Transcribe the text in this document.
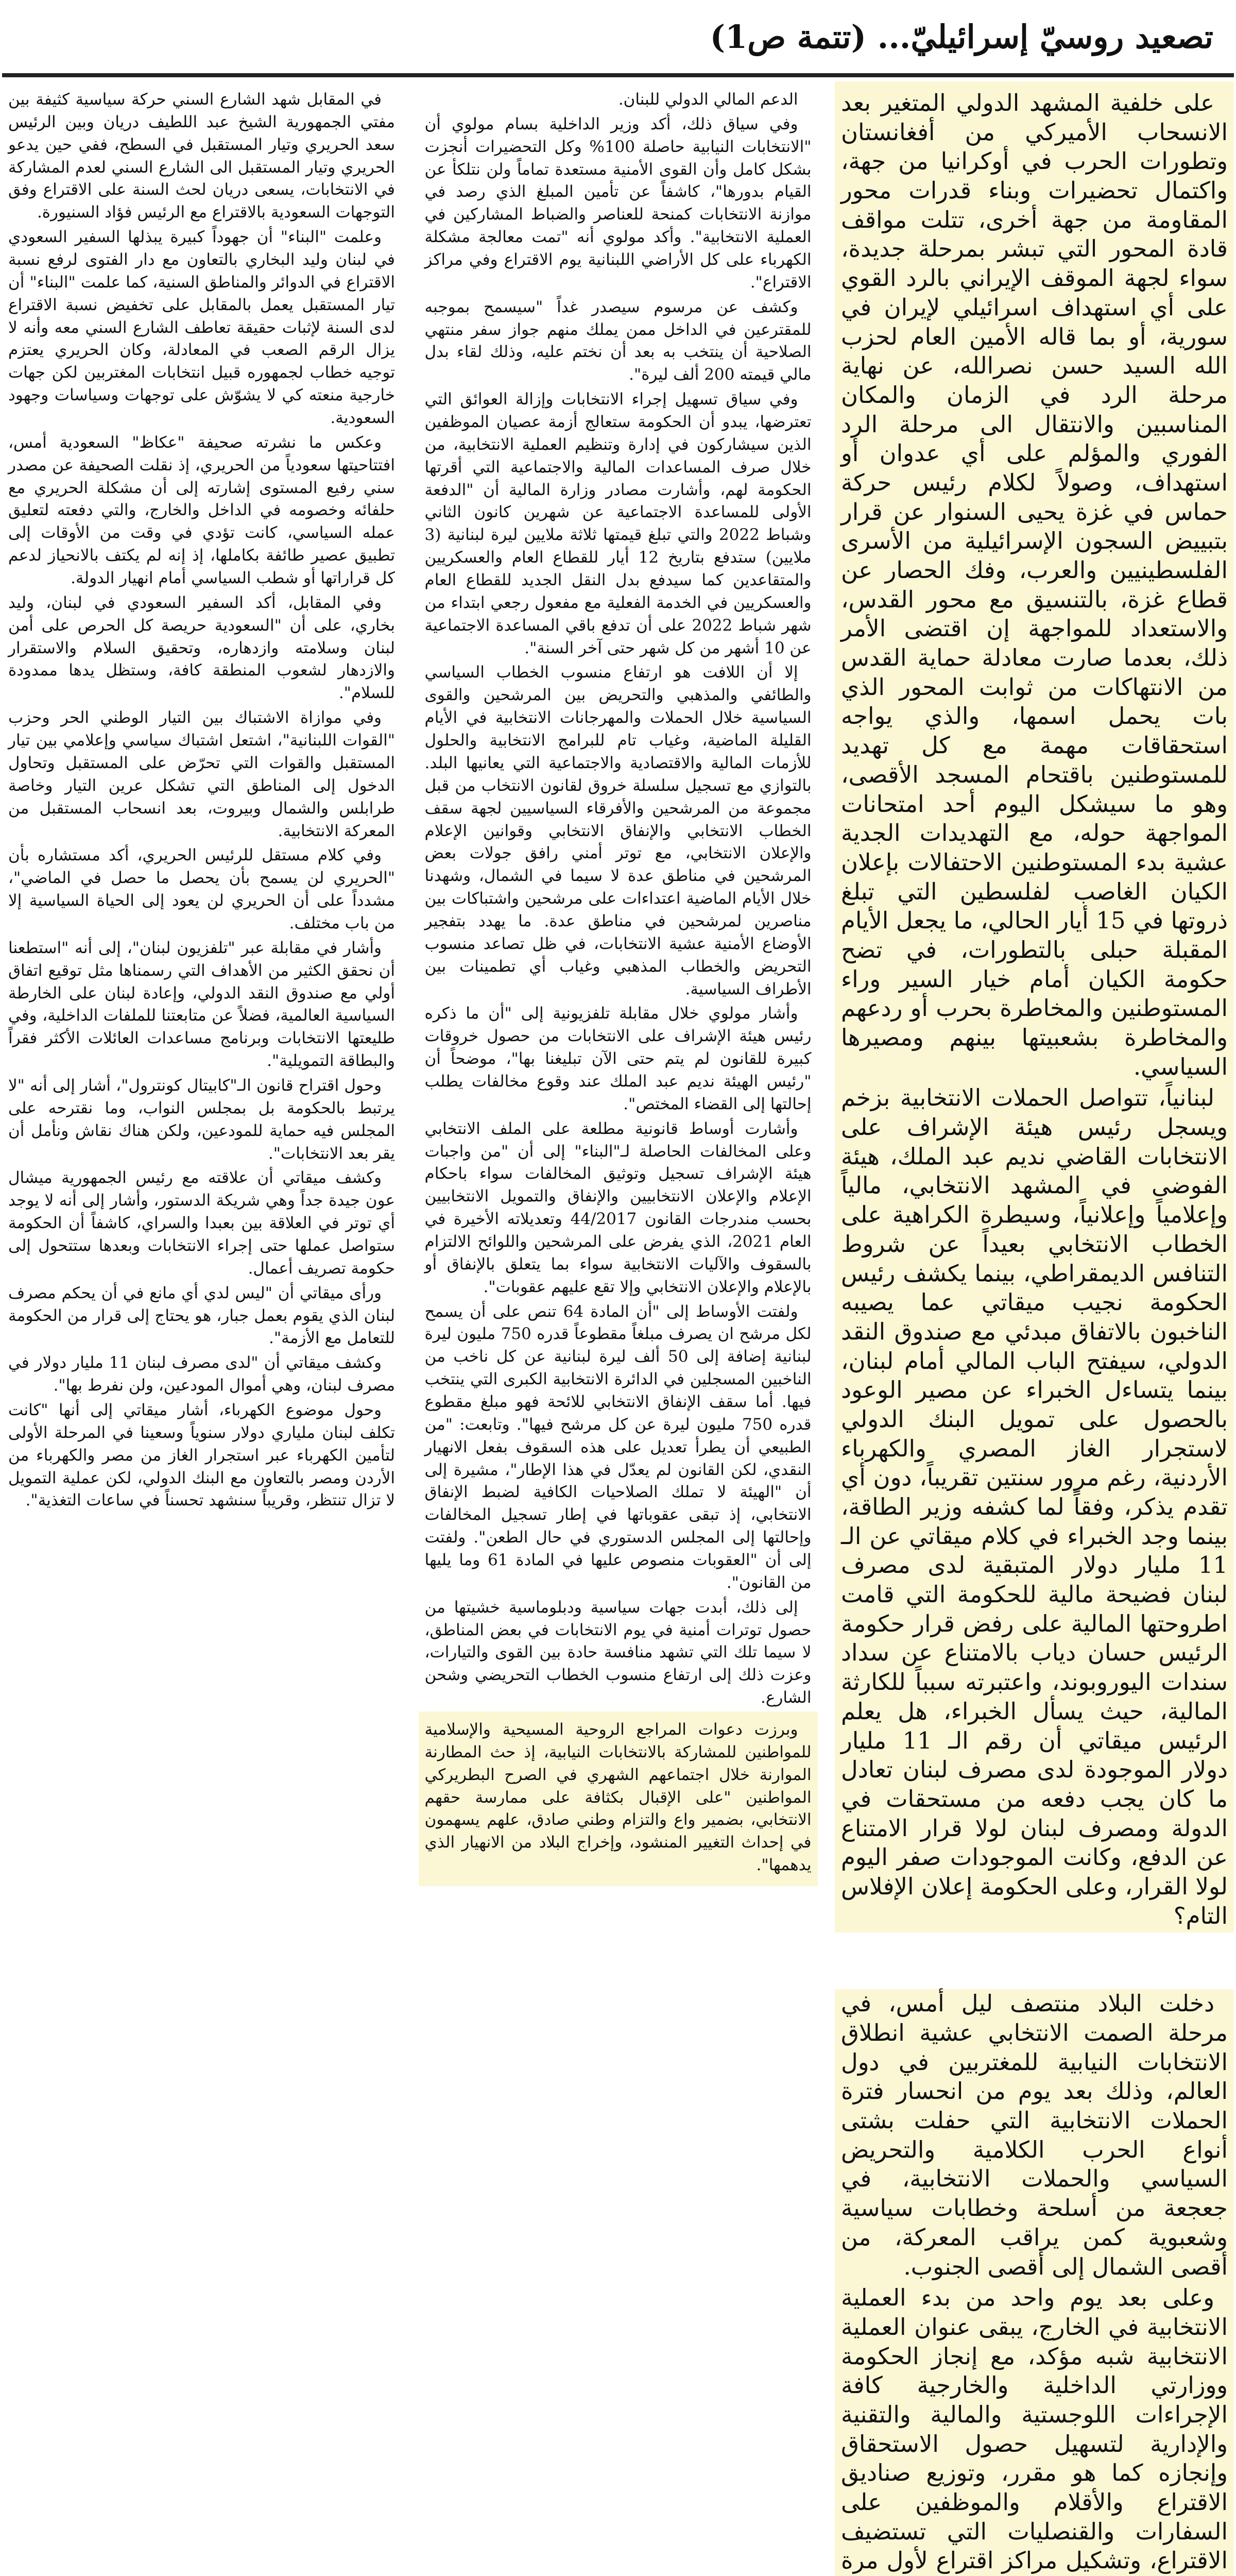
تصعيد روسيّ إسرائيليّ... (تتمة ص1)

على خلفية المشهد الدولي المتغير بعد الانسحاب الأميركي من أفغانستان وتطورات الحرب في أوكرانيا من جهة، واكتمال تحضيرات وبناء قدرات محور المقاومة من جهة أخرى، تتلت مواقف قادة المحور التي تبشر بمرحلة جديدة، سواء لجهة الموقف الإيراني بالرد القوي على أي استهداف اسرائيلي لإيران في سورية، أو بما قاله الأمين العام لحزب الله السيد حسن نصرالله، عن نهاية مرحلة الرد في الزمان والمكان المناسبين والانتقال الى مرحلة الرد الفوري والمؤلم على أي عدوان أو استهداف، وصولاً لكلام رئيس حركة حماس في غزة يحيى السنوار عن قرار بتبييض السجون الإسرائيلية من الأسرى الفلسطينيين والعرب، وفك الحصار عن قطاع غزة، بالتنسيق مع محور القدس، والاستعداد للمواجهة إن اقتضى الأمر ذلك، بعدما صارت معادلة حماية القدس من الانتهاكات من ثوابت المحور الذي بات يحمل اسمها، والذي يواجه استحقاقات مهمة مع كل تهديد للمستوطنين باقتحام المسجد الأقصى، وهو ما سيشكل اليوم أحد امتحانات المواجهة حوله، مع التهديدات الجدية عشية بدء المستوطنين الاحتفالات بإعلان الكيان الغاصب لفلسطين التي تبلغ ذروتها في 15 أيار الحالي، ما يجعل الأيام المقبلة حبلى بالتطورات، في تضح حكومة الكيان أمام خيار السير وراء المستوطنين والمخاطرة بحرب أو ردعهم والمخاطرة بشعبيتها بينهم ومصيرها السياسي.

لبنانياً، تتواصل الحملات الانتخابية بزخم ويسجل رئيس هيئة الإشراف على الانتخابات القاضي نديم عبد الملك، هيئة الفوضى في المشهد الانتخابي، مالياً وإعلامياً وإعلانياً، وسيطرة الكراهية على الخطاب الانتخابي بعيداً عن شروط التنافس الديمقراطي، بينما يكشف رئيس الحكومة نجيب ميقاتي عما يصيبه الناخبون بالاتفاق مبدئي مع صندوق النقد الدولي، سيفتح الباب المالي أمام لبنان، بينما يتساءل الخبراء عن مصير الوعود بالحصول على تمويل البنك الدولي لاستجرار الغاز المصري والكهرباء الأردنية، رغم مرور سنتين تقريباً، دون أي تقدم يذكر، وفقاً لما كشفه وزير الطاقة، بينما وجد الخبراء في كلام ميقاتي عن الـ 11 مليار دولار المتبقية لدى مصرف لبنان فضيحة مالية للحكومة التي قامت اطروحتها المالية على رفض قرار حكومة الرئيس حسان دياب بالامتناع عن سداد سندات اليوروبوند، واعتبرته سبباً للكارثة المالية، حيث يسأل الخبراء، هل يعلم الرئيس ميقاتي أن رقم الـ 11 مليار دولار الموجودة لدى مصرف لبنان تعادل ما كان يجب دفعه من مستحقات في الدولة ومصرف لبنان لولا قرار الامتناع عن الدفع، وكانت الموجودات صفر اليوم لولا القرار، وعلى الحكومة إعلان الإفلاس التام؟

دخلت البلاد منتصف ليل أمس، في مرحلة الصمت الانتخابي عشية انطلاق الانتخابات النيابية للمغتربين في دول العالم، وذلك بعد يوم من انحسار فترة الحملات الانتخابية التي حفلت بشتى أنواع الحرب الكلامية والتحريض السياسي والحملات الانتخابية، في جعجعة من أسلحة وخطابات سياسية وشعبوية كمن يراقب المعركة، من أقصى الشمال إلى أقصى الجنوب.

وعلى بعد يوم واحد من بدء العملية الانتخابية في الخارج، يبقى عنوان العملية الانتخابية شبه مؤكد، مع إنجاز الحكومة ووزارتي الداخلية والخارجية كافة الإجراءات اللوجستية والمالية والتقنية والإدارية لتسهيل حصول الاستحقاق وإنجازه كما هو مقرر، وتوزيع صناديق الاقتراع والأقلام والموظفين على السفارات والقنصليات التي تستضيف الاقتراع، وتشكيل مراكز اقتراع لأول مرة

الدعم المالي الدولي للبنان.

وفي سياق ذلك، أكد وزير الداخلية بسام مولوي أن "الانتخابات النيابية حاصلة 100% وكل التحضيرات أنجزت بشكل كامل وأن القوى الأمنية مستعدة تماماً ولن نتلكأ عن القيام بدورها"، كاشفاً عن تأمين المبلغ الذي رصد في موازنة الانتخابات كمنحة للعناصر والضباط المشاركين في العملية الانتخابية". وأكد مولوي أنه "تمت معالجة مشكلة الكهرباء على كل الأراضي اللبنانية يوم الاقتراع وفي مراكز الاقتراع".

وكشف عن مرسوم سيصدر غداً "سيسمح بموجبه للمقترعين في الداخل ممن يملك منهم جواز سفر منتهي الصلاحية أن ينتخب به بعد أن نختم عليه، وذلك لقاء بدل مالي قيمته 200 ألف ليرة".

وفي سياق تسهيل إجراء الانتخابات وإزالة العوائق التي تعترضها، يبدو أن الحكومة ستعالج أزمة عصيان الموظفين الذين سيشاركون في إدارة وتنظيم العملية الانتخابية، من خلال صرف المساعدات المالية والاجتماعية التي أقرتها الحكومة لهم، وأشارت مصادر وزارة المالية أن "الدفعة الأولى للمساعدة الاجتماعية عن شهرين كانون الثاني وشباط 2022 والتي تبلغ قيمتها ثلاثة ملايين ليرة لبنانية (3 ملايين) ستدفع بتاريخ 12 أيار للقطاع العام والعسكريين والمتقاعدين كما سيدفع بدل النقل الجديد للقطاع العام والعسكريين في الخدمة الفعلية مع مفعول رجعي ابتداء من شهر شباط 2022 على أن تدفع باقي المساعدة الاجتماعية عن 10 أشهر من كل شهر حتى آخر السنة".

إلا أن اللافت هو ارتفاع منسوب الخطاب السياسي والطائفي والمذهبي والتحريض بين المرشحين والقوى السياسية خلال الحملات والمهرجانات الانتخابية في الأيام القليلة الماضية، وغياب تام للبرامج الانتخابية والحلول للأزمات المالية والاقتصادية والاجتماعية التي يعانيها البلد. بالتوازي مع تسجيل سلسلة خروق لقانون الانتخاب من قبل مجموعة من المرشحين والأفرقاء السياسيين لجهة سقف الخطاب الانتخابي والإنفاق الانتخابي وقوانين الإعلام والإعلان الانتخابي، مع توتر أمني رافق جولات بعض المرشحين في مناطق عدة لا سيما في الشمال، وشهدنا خلال الأيام الماضية اعتداءات على مرشحين واشتباكات بين مناصرين لمرشحين في مناطق عدة. ما يهدد بتفجير الأوضاع الأمنية عشية الانتخابات، في ظل تصاعد منسوب التحريض والخطاب المذهبي وغياب أي تطمينات بين الأطراف السياسية.

وأشار مولوي خلال مقابلة تلفزيونية إلى "أن ما ذكره رئيس هيئة الإشراف على الانتخابات من حصول خروقات كبيرة للقانون لم يتم حتى الآن تبليغنا بها"، موضحاً أن "رئيس الهيئة نديم عبد الملك عند وقوع مخالفات يطلب إحالتها إلى القضاء المختص".

وأشارت أوساط قانونية مطلعة على الملف الانتخابي وعلى المخالفات الحاصلة لـ"البناء" إلى أن "من واجبات هيئة الإشراف تسجيل وتوثيق المخالفات سواء باحكام الإعلام والإعلان الانتخابيين والإنفاق والتمويل الانتخابيين بحسب مندرجات القانون 44/2017 وتعديلاته الأخيرة في العام 2021، الذي يفرض على المرشحين واللوائح الالتزام بالسقوف والآليات الانتخابية سواء بما يتعلق بالإنفاق أو بالإعلام والإعلان الانتخابي وإلا تقع عليهم عقوبات".

ولفتت الأوساط إلى "أن المادة 64 تنص على أن يسمح لكل مرشح ان يصرف مبلغاً مقطوعاً قدره 750 مليون ليرة لبنانية إضافة إلى 50 ألف ليرة لبنانية عن كل ناخب من الناخبين المسجلين في الدائرة الانتخابية الكبرى التي ينتخب فيها. أما سقف الإنفاق الانتخابي للائحة فهو مبلغ مقطوع قدره 750 مليون ليرة عن كل مرشح فيها". وتابعت: "من الطبيعي أن يطرأ تعديل على هذه السقوف بفعل الانهيار النقدي، لكن القانون لم يعدّل في هذا الإطار"، مشيرة إلى أن "الهيئة لا تملك الصلاحيات الكافية لضبط الإنفاق الانتخابي، إذ تبقى عقوباتها في إطار تسجيل المخالفات وإحالتها إلى المجلس الدستوري في حال الطعن". ولفتت إلى أن "العقوبات منصوص عليها في المادة 61 وما يليها من القانون".

إلى ذلك، أبدت جهات سياسية ودبلوماسية خشيتها من حصول توترات أمنية في يوم الانتخابات في بعض المناطق، لا سيما تلك التي تشهد منافسة حادة بين القوى والتيارات، وعزت ذلك إلى ارتفاع منسوب الخطاب التحريضي وشحن الشارع.

وبرزت دعوات المراجع الروحية المسيحية والإسلامية للمواطنين للمشاركة بالانتخابات النيابية، إذ حث المطارنة الموارنة خلال اجتماعهم الشهري في الصرح البطريركي المواطنين "على الإقبال بكثافة على ممارسة حقهم الانتخابي، بضمير واع والتزام وطني صادق، علهم يسهمون في إحداث التغيير المنشود، وإخراج البلاد من الانهيار الذي يدهمها".

في المقابل شهد الشارع السني حركة سياسية كثيفة بين مفتي الجمهورية الشيخ عبد اللطيف دريان وبين الرئيس سعد الحريري وتيار المستقبل في السطح، ففي حين يدعو الحريري وتيار المستقبل الى الشارع السني لعدم المشاركة في الانتخابات، يسعى دريان لحث السنة على الاقتراع وفق التوجهات السعودية بالاقتراع مع الرئيس فؤاد السنيورة.

وعلمت "البناء" أن جهوداً كبيرة يبذلها السفير السعودي في لبنان وليد البخاري بالتعاون مع دار الفتوى لرفع نسبة الاقتراع في الدوائر والمناطق السنية، كما علمت "البناء" أن تيار المستقبل يعمل بالمقابل على تخفيض نسبة الاقتراع لدى السنة لإثبات حقيقة تعاطف الشارع السني معه وأنه لا يزال الرقم الصعب في المعادلة، وكان الحريري يعتزم توجيه خطاب لجمهوره قبيل انتخابات المغتربين لكن جهات خارجية منعته كي لا يشوّش على توجهات وسياسات وجهود السعودية.

وعكس ما نشرته صحيفة "عكاظ" السعودية أمس، افتتاحيتها سعودياً من الحريري، إذ نقلت الصحيفة عن مصدر سني رفيع المستوى إشارته إلى أن مشكلة الحريري مع حلفائه وخصومه في الداخل والخارج، والتي دفعته لتعليق عمله السياسي، كانت تؤدي في وقت من الأوقات إلى تطبيق عصير طائفة بكاملها، إذ إنه لم يكتف بالانحياز لدعم كل قراراتها أو شطب السياسي أمام انهيار الدولة.

وفي المقابل، أكد السفير السعودي في لبنان، وليد بخاري، على أن "السعودية حريصة كل الحرص على أمن لبنان وسلامته وازدهاره، وتحقيق السلام والاستقرار والازدهار لشعوب المنطقة كافة، وستظل يدها ممدودة للسلام".

وفي موازاة الاشتباك بين التيار الوطني الحر وحزب "القوات اللبنانية"، اشتعل اشتباك سياسي وإعلامي بين تيار المستقبل والقوات التي تحرّض على المستقبل وتحاول الدخول إلى المناطق التي تشكل عرين التيار وخاصة طرابلس والشمال وبيروت، بعد انسحاب المستقبل من المعركة الانتخابية.

وفي كلام مستقل للرئيس الحريري، أكد مستشاره بأن "الحريري لن يسمح بأن يحصل ما حصل في الماضي"، مشدداً على أن الحريري لن يعود إلى الحياة السياسية إلا من باب مختلف.

وأشار في مقابلة عبر "تلفزيون لبنان"، إلى أنه "استطعنا أن نحقق الكثير من الأهداف التي رسمناها مثل توقيع اتفاق أولي مع صندوق النقد الدولي، وإعادة لبنان على الخارطة السياسية العالمية، فضلاً عن متابعتنا للملفات الداخلية، وفي طليعتها الانتخابات وبرنامج مساعدات العائلات الأكثر فقراً والبطاقة التمويلية".

وحول اقتراح قانون الـ"كابيتال كونترول"، أشار إلى أنه "لا يرتبط بالحكومة بل بمجلس النواب، وما نقترحه على المجلس فيه حماية للمودعين، ولكن هناك نقاش ونأمل أن يقر بعد الانتخابات".

وكشف ميقاتي أن علاقته مع رئيس الجمهورية ميشال عون جيدة جداً وهي شريكة الدستور، وأشار إلى أنه لا يوجد أي توتر في العلاقة بين بعبدا والسراي، كاشفاً أن الحكومة ستواصل عملها حتى إجراء الانتخابات وبعدها ستتحول إلى حكومة تصريف أعمال.

ورأى ميقاتي أن "ليس لدي أي مانع في أن يحكم مصرف لبنان الذي يقوم بعمل جبار، هو يحتاج إلى قرار من الحكومة للتعامل مع الأزمة".

وكشف ميقاتي أن "لدى مصرف لبنان 11 مليار دولار في مصرف لبنان، وهي أموال المودعين، ولن نفرط بها".

وحول موضوع الكهرباء، أشار ميقاتي إلى أنها "كانت تكلف لبنان ملياري دولار سنوياً وسعينا في المرحلة الأولى لتأمين الكهرباء عبر استجرار الغاز من مصر والكهرباء من الأردن ومصر بالتعاون مع البنك الدولي، لكن عملية التمويل لا تزال تنتظر، وقريباً سنشهد تحسناً في ساعات التغذية".
